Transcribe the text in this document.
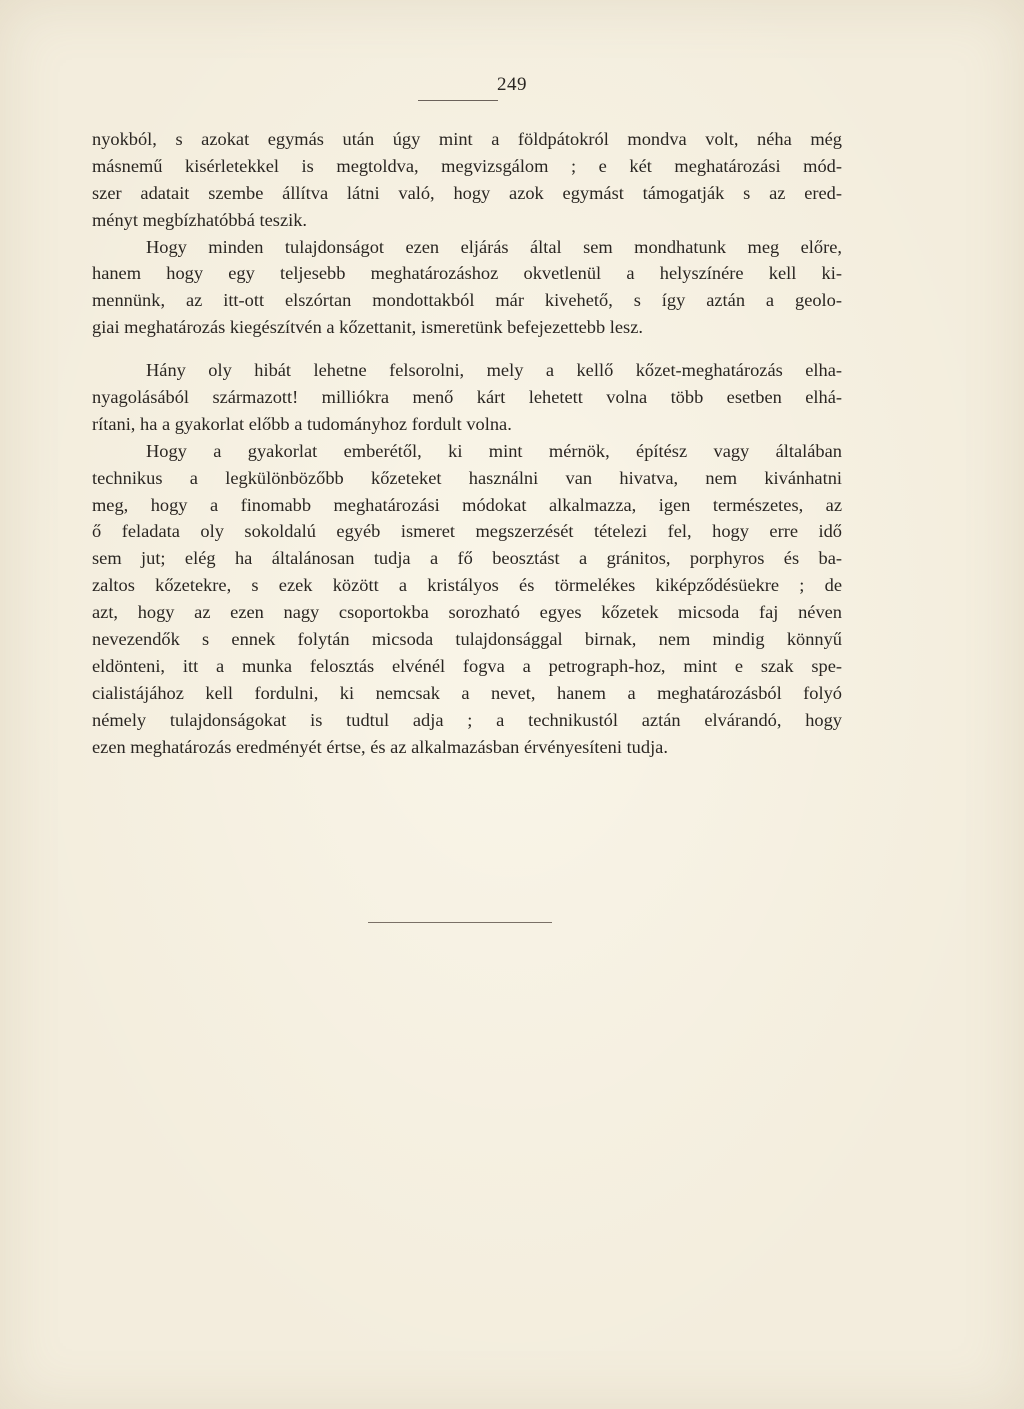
249
nyokból, s azokat egymás után úgy mint a földpátokról mondva volt, néha még
másnemű kisérletekkel is megtoldva, megvizsgálom ; e két meghatározási mód-
szer adatait szembe állítva látni való, hogy azok egymást támogatják s az ered-
ményt megbízhatóbbá teszik.
Hogy minden tulajdonságot ezen eljárás által sem mondhatunk meg előre,
hanem hogy egy teljesebb meghatározáshoz okvetlenül a helyszínére kell ki-
mennünk, az itt-ott elszórtan mondottakból már kivehető, s így aztán a geolo-
giai meghatározás kiegészítvén a kőzettanit, ismeretünk befejezettebb lesz.
Hány oly hibát lehetne felsorolni, mely a kellő kőzet-meghatározás elha-
nyagolásából származott! milliókra menő kárt lehetett volna több esetben elhá-
rítani, ha a gyakorlat előbb a tudományhoz fordult volna.
Hogy a gyakorlat emberétől, ki mint mérnök, építész vagy általában
technikus a legkülönbözőbb kőzeteket használni van hivatva, nem kivánhatni
meg, hogy a finomabb meghatározási módokat alkalmazza, igen természetes, az
ő feladata oly sokoldalú egyéb ismeret megszerzését tételezi fel, hogy erre idő
sem jut; elég ha általánosan tudja a fő beosztást a gránitos, porphyros és ba-
zaltos kőzetekre, s ezek között a kristályos és törmelékes kiképződésüekre ; de
azt, hogy az ezen nagy csoportokba sorozható egyes kőzetek micsoda faj néven
nevezendők s ennek folytán micsoda tulajdonsággal birnak, nem mindig könnyű
eldönteni, itt a munka felosztás elvénél fogva a petrograph-hoz, mint e szak spe-
cialistájához kell fordulni, ki nemcsak a nevet, hanem a meghatározásból folyó
némely tulajdonságokat is tudtul adja ; a technikustól aztán elvárandó, hogy
ezen meghatározás eredményét értse, és az alkalmazásban érvényesíteni tudja.
